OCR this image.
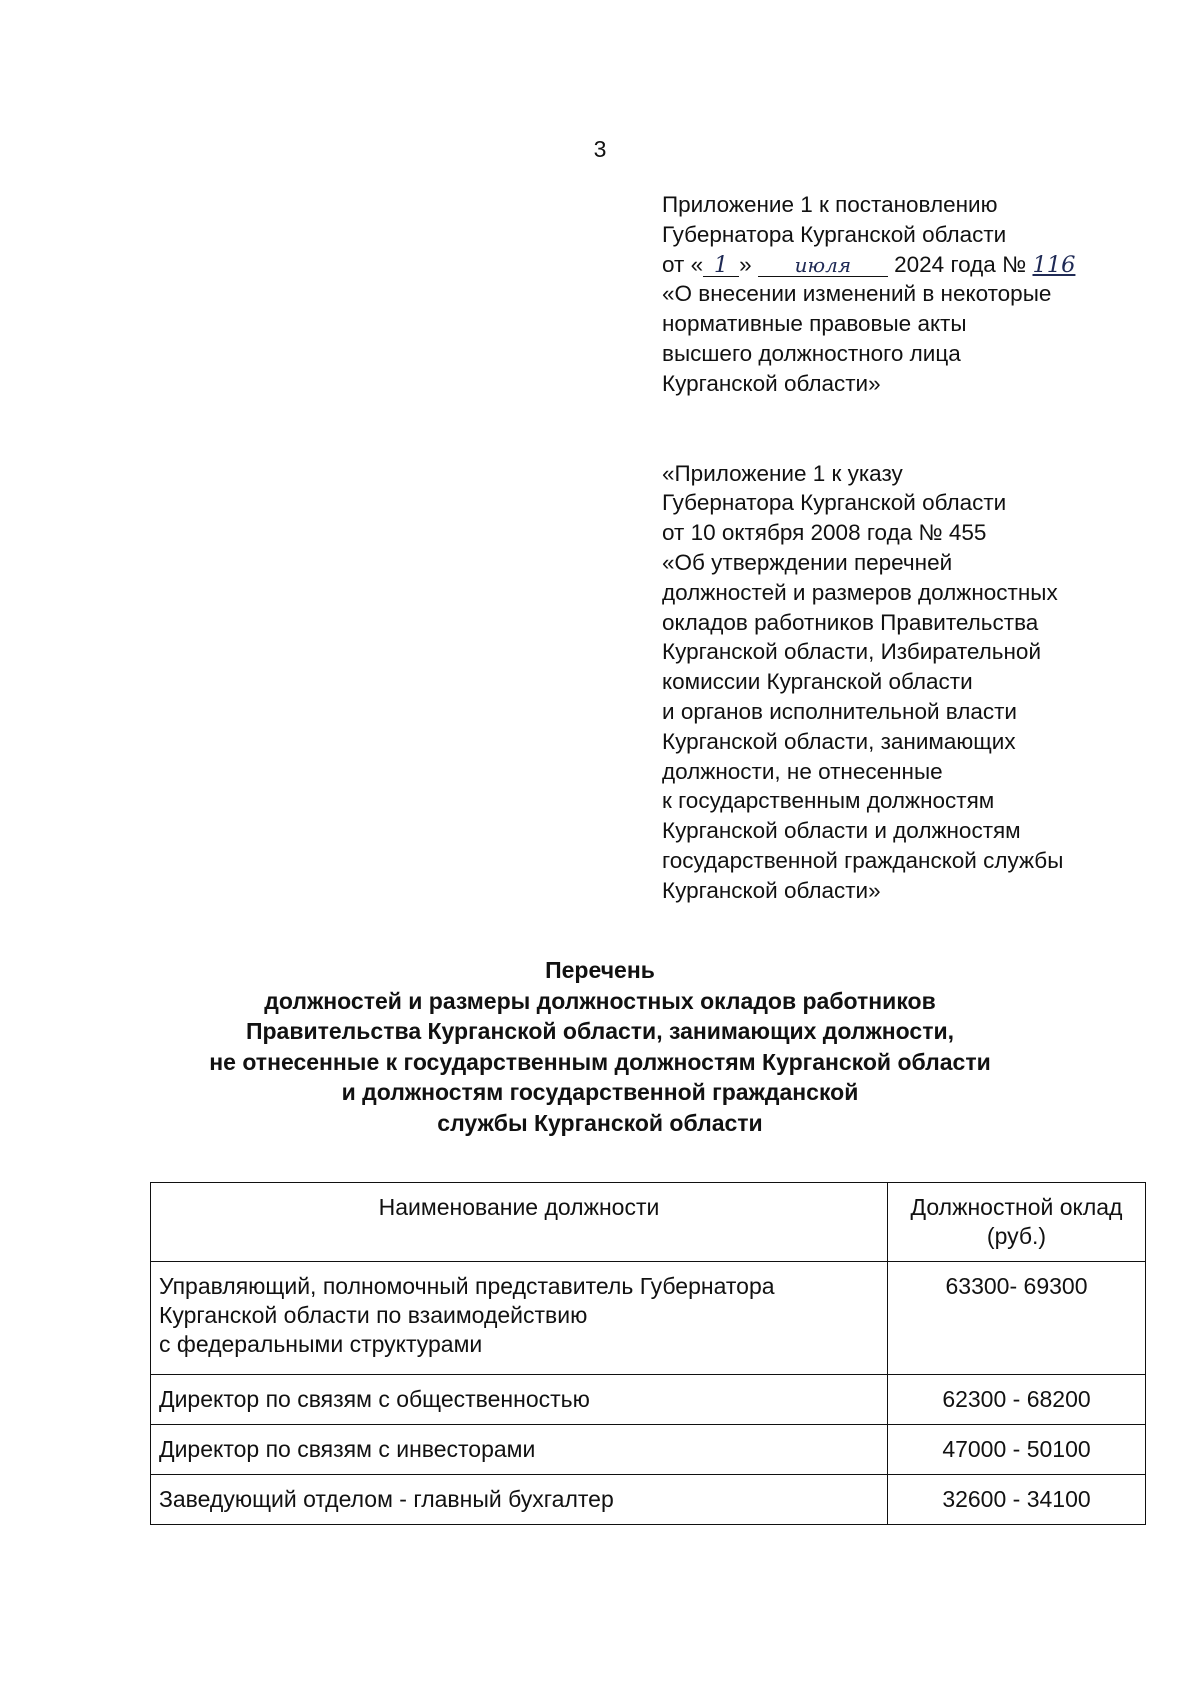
3

Приложение 1 к постановлению

Губернатора Курганской области

от « 1 » июля 2024 года № 116

«О внесении изменений в некоторые

нормативные правовые акты

высшего должностного лица

Курганской области»

«Приложение 1 к указу

Губернатора Курганской области

от 10 октября 2008 года № 455

«Об утверждении перечней

должностей и размеров должностных

окладов работников Правительства

Курганской области, Избирательной

комиссии Курганской области

и органов исполнительной власти

Курганской области, занимающих

должности, не отнесенные

к государственным должностям

Курганской области и должностям

государственной гражданской службы

Курганской области»

Перечень
должностей и размеры должностных окладов работников
Правительства Курганской области, занимающих должности,
не отнесенные к государственным должностям Курганской области
и должностям государственной гражданской
службы Курганской области
Наименование должности	Должностной оклад (руб.)

Управляющий, полномочный представитель Губернатора
Курганской области по взаимодействию
с федеральными структурами	63300- 69300
Директор по связям с общественностью	62300 - 68200
Директор по связям с инвесторами	47000 - 50100
Заведующий отделом - главный бухгалтер	32600 - 34100
